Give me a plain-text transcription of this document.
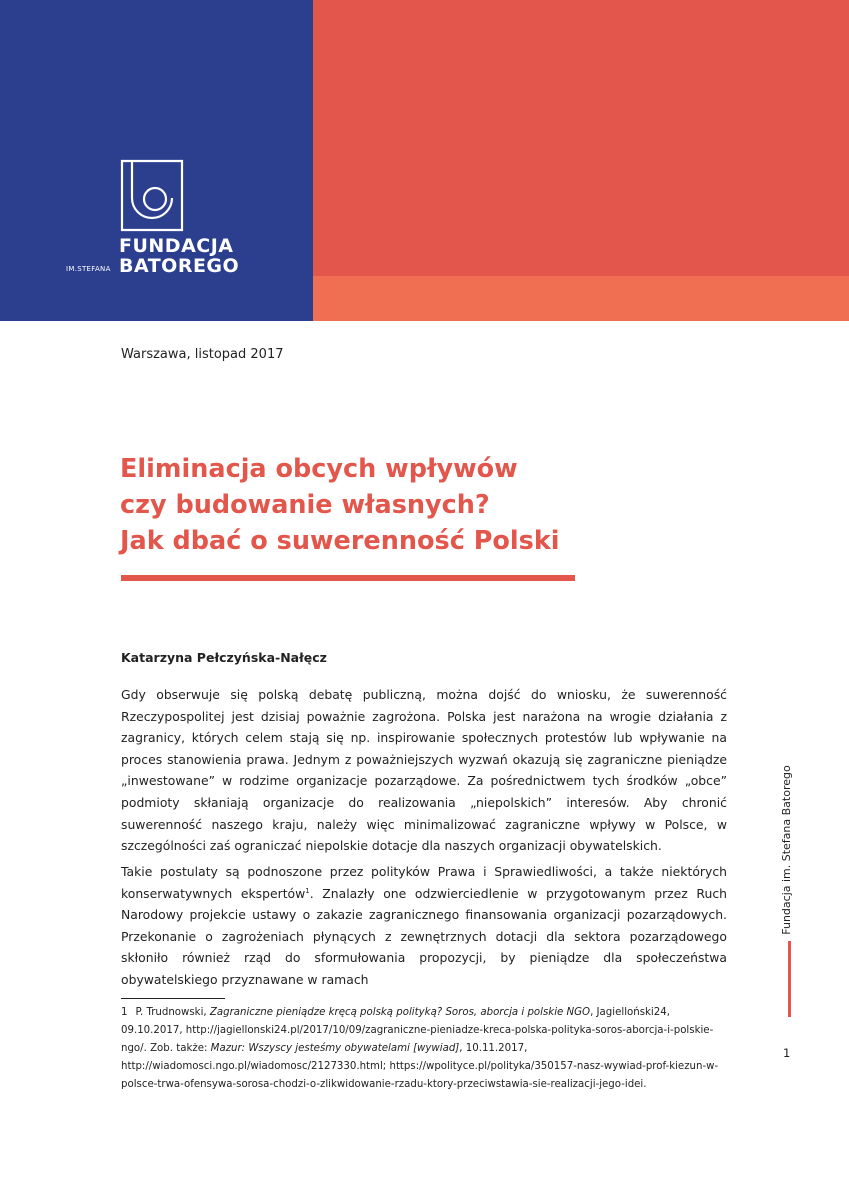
FUNDACJA
IM.STEFANA BATOREGO
Warszawa, listopad 2017
Eliminacja obcych wpływów
czy budowanie własnych?
Jak dbać o suwerenność Polski
Katarzyna Pełczyńska-Nałęcz

Gdy obserwuje się polską debatę publiczną, można dojść do wniosku, że suwerenność Rzeczypospolitej jest dzisiaj poważnie zagrożona. Polska jest narażona na wrogie działania z zagranicy, których celem stają się np. inspirowanie społecznych protestów lub wpływanie na proces stanowienia prawa. Jednym z poważniejszych wyzwań okazują się zagraniczne pieniądze „inwestowane” w rodzime organizacje pozarządowe. Za pośrednictwem tych środków „obce” podmioty skłaniają organizacje do realizowania „niepolskich” interesów. Aby chronić suwerenność naszego kraju, należy więc minimalizować zagraniczne wpływy w Polsce, w szczególności zaś ograniczać niepolskie dotacje dla naszych organizacji obywatelskich.

Takie postulaty są podnoszone przez polityków Prawa i Sprawiedliwości, a także niektórych konserwatywnych ekspertów$^1$. Znalazły one odzwierciedlenie w przygotowanym przez Ruch Narodowy projekcie ustawy o zakazie zagranicznego finansowania organizacji pozarządowych. Przekonanie o zagrożeniach płynących z zewnętrznych dotacji dla sektora pozarządowego skłoniło również rząd do sformułowania propozycji, by pieniądze dla społeczeństwa obywatelskiego przyznawane w ramach

1 P. Trudnowski, Zagraniczne pieniądze kręcą polską polityką? Soros, aborcja i polskie NGO, Jagielloński24, 09.10.2017, http://jagiellonski24.pl/2017/10/09/zagraniczne-pieniadze-kreca-polska-polityka-soros-aborcja-i-polskie-ngo/. Zob. także: Mazur: Wszyscy jesteśmy obywatelami [wywiad], 10.11.2017, http://wiadomosci.ngo.pl/wiadomosc/2127330.html; https://wpolityce.pl/polityka/350157-nasz-wywiad-prof-kiezun-w-polsce-trwa-ofensywa-sorosa-chodzi-o-zlikwidowanie-rzadu-ktory-przeciwstawia-sie-realizacji-jego-idei.

Fundacja im. Stefana Batorego
1
